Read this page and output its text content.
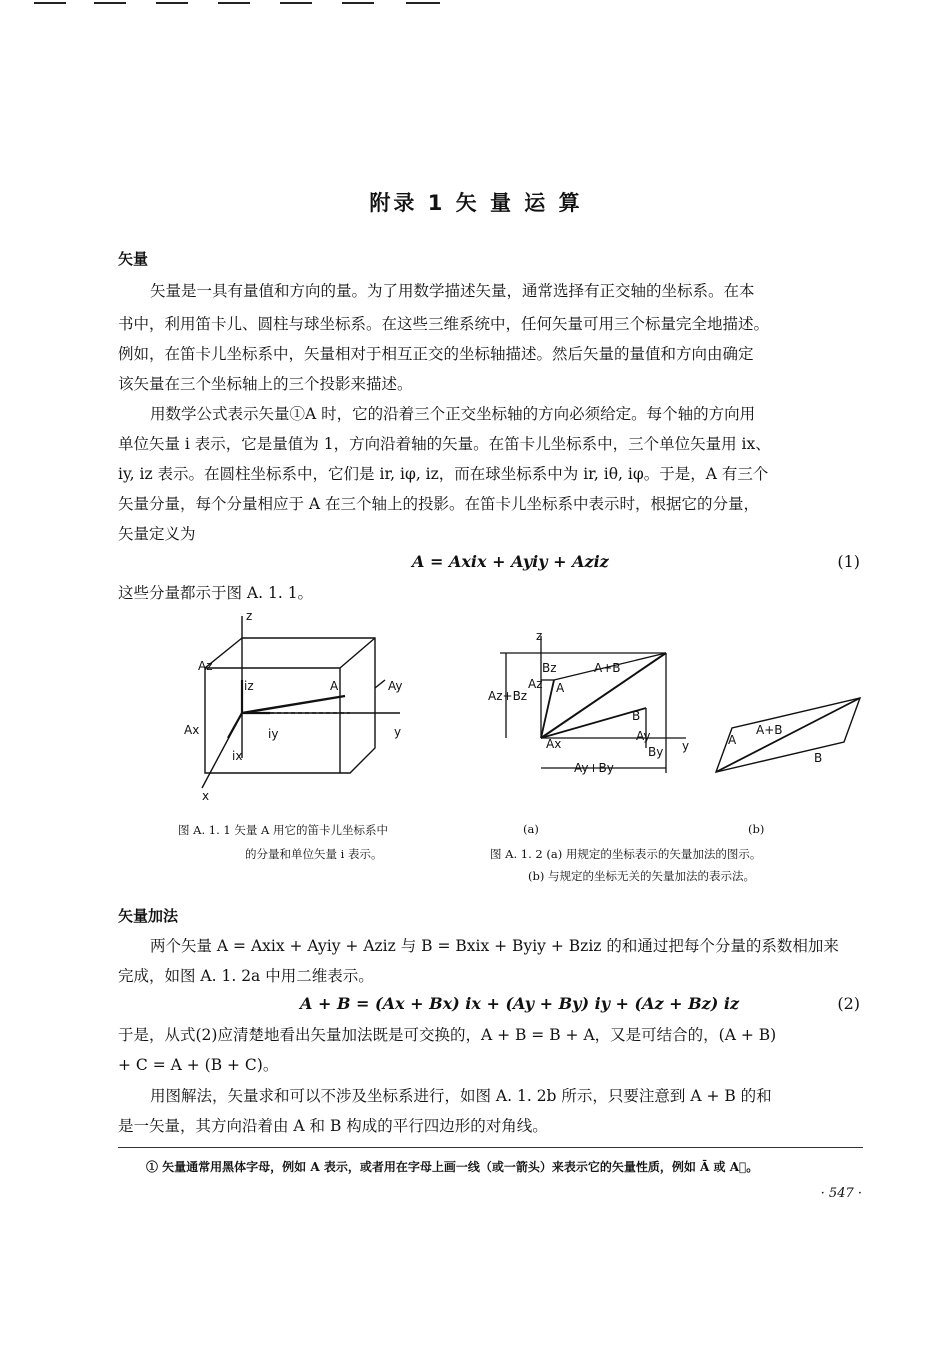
附录 1 矢 量 运 算
矢量
矢量是一具有量值和方向的量。为了用数学描述矢量，通常选择有正交轴的坐标系。在本
书中，利用笛卡儿、圆柱与球坐标系。在这些三维系统中，任何矢量可用三个标量完全地描述。
例如，在笛卡儿坐标系中，矢量相对于相互正交的坐标轴描述。然后矢量的量值和方向由确定
该矢量在三个坐标轴上的三个投影来描述。
用数学公式表示矢量①A 时，它的沿着三个正交坐标轴的方向必须给定。每个轴的方向用
单位矢量 i 表示，它是量值为 1，方向沿着轴的矢量。在笛卡儿坐标系中，三个单位矢量用 ix、
iy, iz 表示。在圆柱坐标系中，它们是 ir, iφ, iz，而在球坐标系中为 ir, iθ, iφ。于是，A 有三个
矢量分量，每个分量相应于 A 在三个轴上的投影。在笛卡儿坐标系中表示时，根据它的分量，
矢量定义为
A = Axix + Ayiy + Aziz	(1)
这些分量都示于图 A. 1. 1。
z
y
x
Az
iz	A	Ay
Ax	iy
ix
z
A+B
Bz
Az+Bz
Az A
B
Ax
Ay
By
Ay+By
y	A
A+B
B
图 A. 1. 1 矢量 A 用它的笛卡儿坐标系中
的分量和单位矢量 i 表示。
(a)	(b)
图 A. 1. 2 (a) 用规定的坐标表示的矢量加法的图示。
(b) 与规定的坐标无关的矢量加法的表示法。
矢量加法
两个矢量 A = Axix + Ayiy + Aziz 与 B = Bxix + Byiy + Bziz 的和通过把每个分量的系数相加来
完成，如图 A. 1. 2a 中用二维表示。
A + B = (Ax + Bx) ix + (Ay + By) iy + (Az + Bz) iz	(2)
于是，从式(2)应清楚地看出矢量加法既是可交换的，A + B = B + A，又是可结合的，(A + B)
+ C = A + (B + C)。
用图解法，矢量求和可以不涉及坐标系进行，如图 A. 1. 2b 所示，只要注意到 A + B 的和
是一矢量，其方向沿着由 A 和 B 构成的平行四边形的对角线。
① 矢量通常用黑体字母，例如 A 表示，或者用在字母上画一线（或一箭头）来表示它的矢量性质，例如 Ā 或 A⃗。
· 547 ·
